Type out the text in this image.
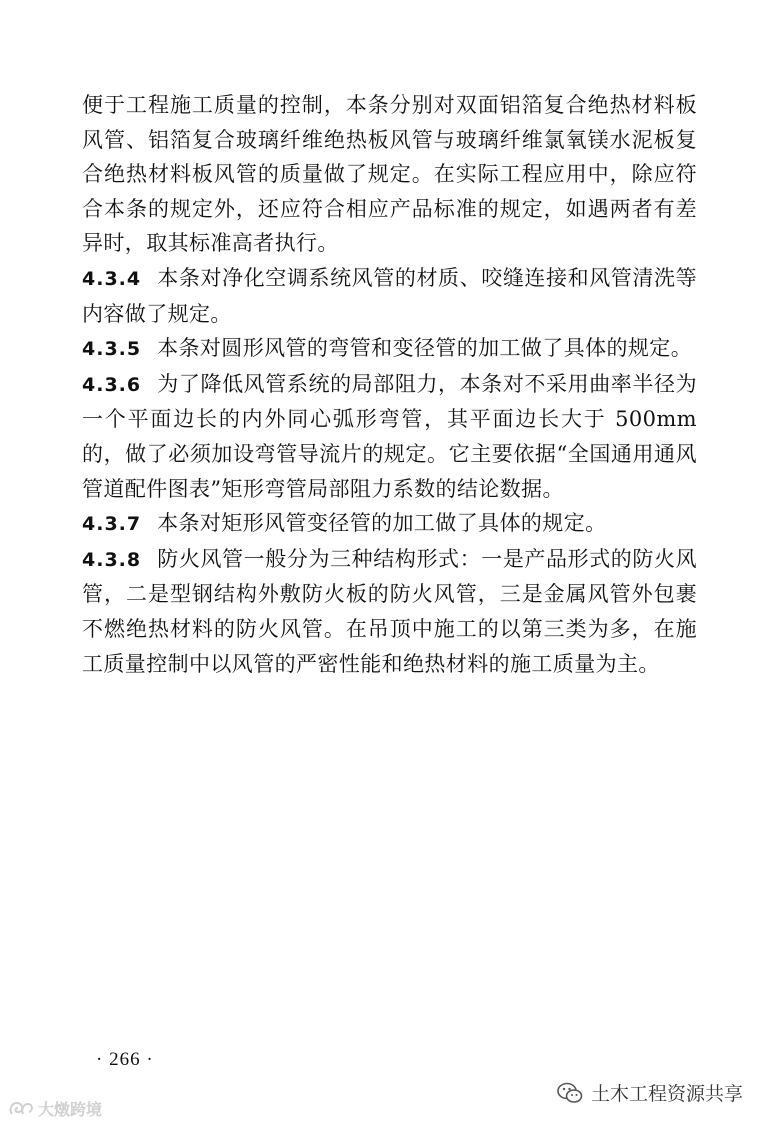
便于工程施工质量的控制，本条分别对双面铝箔复合绝热材料板风管、铝箔复合玻璃纤维绝热板风管与玻璃纤维氯氧镁水泥板复合绝热材料板风管的质量做了规定。在实际工程应用中，除应符合本条的规定外，还应符合相应产品标准的规定，如遇两者有差异时，取其标准高者执行。

4.3.4 本条对净化空调系统风管的材质、咬缝连接和风管清洗等内容做了规定。

4.3.5 本条对圆形风管的弯管和变径管的加工做了具体的规定。

4.3.6 为了降低风管系统的局部阻力，本条对不采用曲率半径为一个平面边长的内外同心弧形弯管，其平面边长大于 500mm 的，做了必须加设弯管导流片的规定。它主要依据“全国通用通风管道配件图表”矩形弯管局部阻力系数的结论数据。

4.3.7 本条对矩形风管变径管的加工做了具体的规定。

4.3.8 防火风管一般分为三种结构形式：一是产品形式的防火风管，二是型钢结构外敷防火板的防火风管，三是金属风管外包裹不燃绝热材料的防火风管。在吊顶中施工的以第三类为多，在施工质量控制中以风管的严密性能和绝热材料的施工质量为主。

· 266 ·
土木工程资源共享
大燉跨境
